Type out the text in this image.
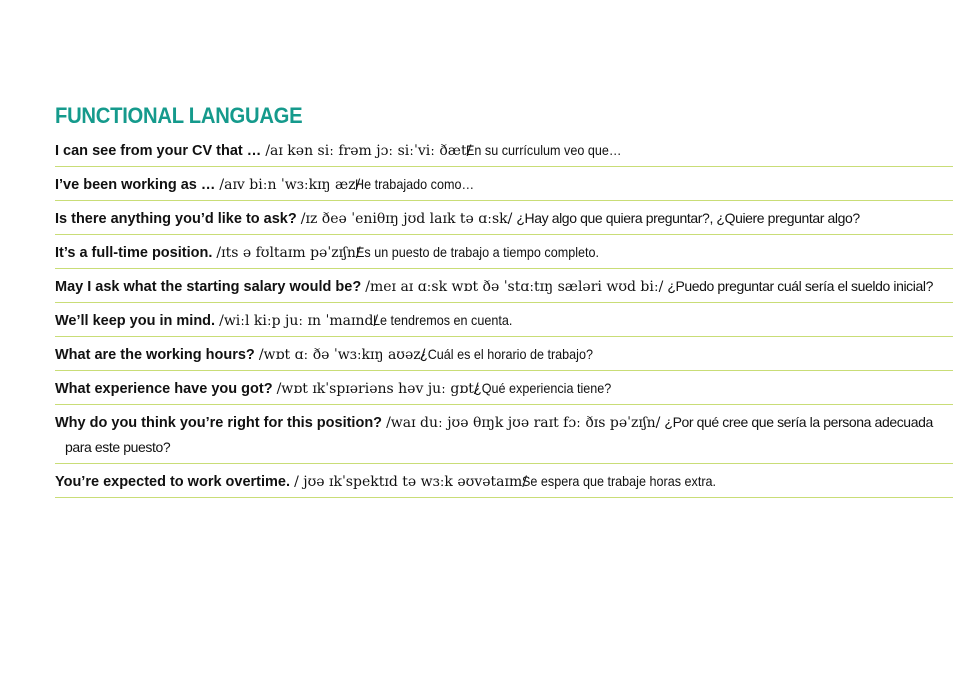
FUNCTIONAL LANGUAGE
I can see from your CV that … /aɪ kən siː frəm jɔː siːˈviː ðæt/ En su currículum veo que…
I’ve been working as … /aɪv biːn ˈwɜːkɪŋ æz/ He trabajado como…
Is there anything you’d like to ask? /ɪz ðeə ˈeniθɪŋ jʊd laɪk tə ɑːsk/ ¿Hay algo que quiera preguntar?, ¿Quiere preguntar algo?
It’s a full-time position. /ɪts ə fʊltaɪm pəˈzɪʃn/ Es un puesto de trabajo a tiempo completo.
May I ask what the starting salary would be? /meɪ aɪ ɑːsk wɒt ðə ˈstɑːtɪŋ sæləri wʊd biː/ ¿Puedo preguntar cuál sería el sueldo inicial?
We’ll keep you in mind. /wiːl kiːp juː ɪn ˈmaɪnd/ Le tendremos en cuenta.
What are the working hours? /wɒt ɑː ðə ˈwɜːkɪŋ aʊəz/ ¿Cuál es el horario de trabajo?
What experience have you got? /wɒt ɪkˈspɪəriəns həv juː gɒt/ ¿Qué experiencia tiene?
Why do you think you’re right for this position? /waɪ duː jʊə θɪŋk jʊə raɪt fɔː ðɪs pəˈzɪʃn/ ¿Por qué cree que sería la persona adecuada para este puesto?
You’re expected to work overtime. / jʊə ɪkˈspektɪd tə wɜːk əʊvətaɪm/ Se espera que trabaje horas extra.
